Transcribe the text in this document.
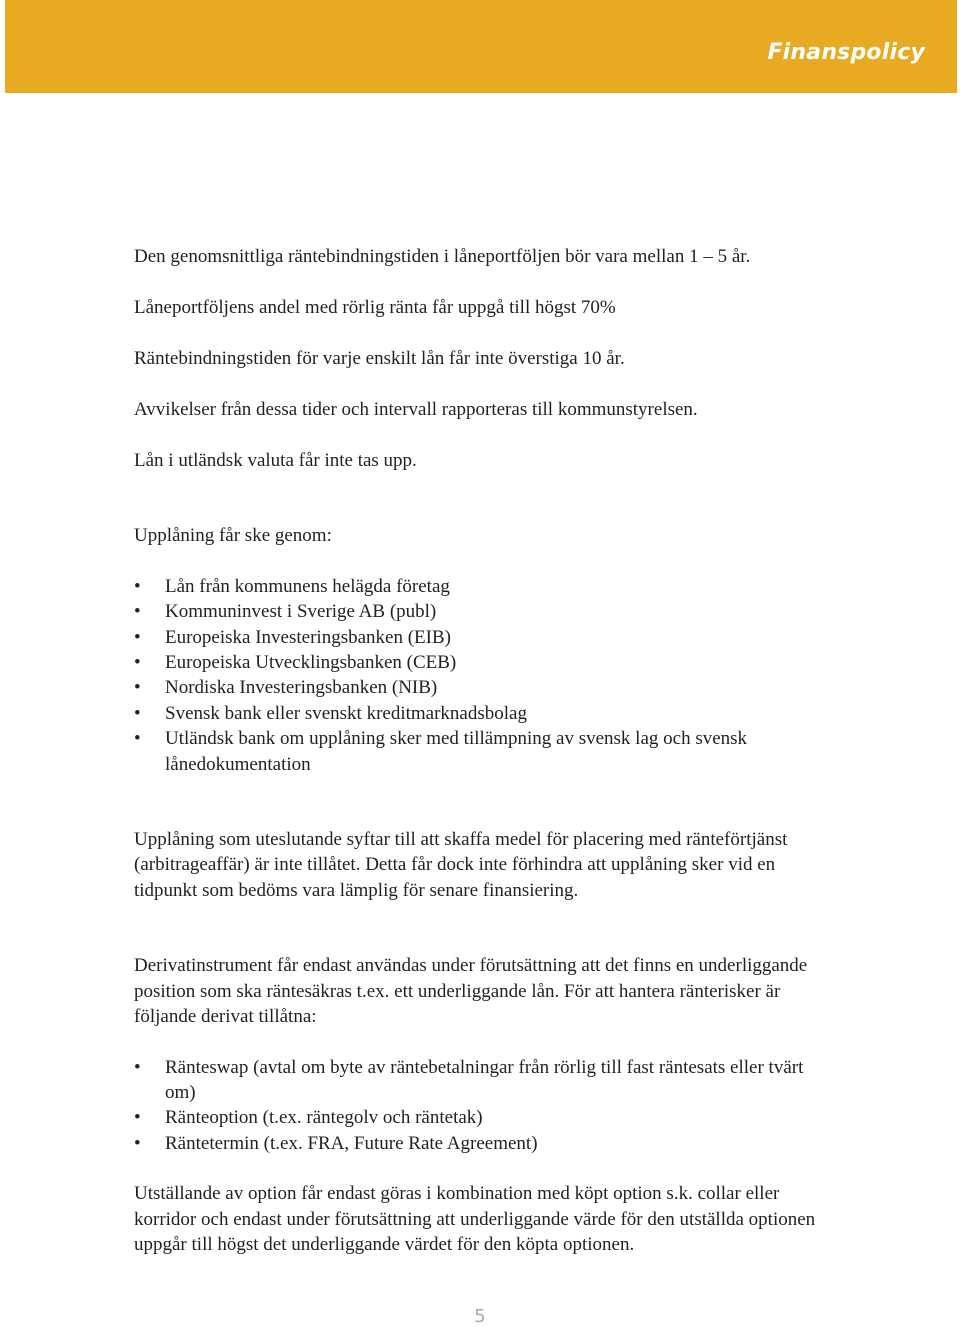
Finanspolicy

Den genomsnittliga räntebindningstiden i låneportföljen bör vara mellan 1 – 5 år.

Låneportföljens andel med rörlig ränta får uppgå till högst 70%

Räntebindningstiden för varje enskilt lån får inte överstiga 10 år.

Avvikelser från dessa tider och intervall rapporteras till kommunstyrelsen.

Lån i utländsk valuta får inte tas upp.

Upplåning får ske genom:

• Lån från kommunens helägda företag
• Kommuninvest i Sverige AB (publ)
• Europeiska Investeringsbanken (EIB)
• Europeiska Utvecklingsbanken (CEB)
• Nordiska Investeringsbanken (NIB)
• Svensk bank eller svenskt kreditmarknadsbolag
• Utländsk bank om upplåning sker med tillämpning av svensk lag och svensk lånedokumentation

Upplåning som uteslutande syftar till att skaffa medel för placering med ränteförtjänst (arbitrageaffär) är inte tillåtet. Detta får dock inte förhindra att upplåning sker vid en tidpunkt som bedöms vara lämplig för senare finansiering.

Derivatinstrument får endast användas under förutsättning att det finns en underliggande position som ska räntesäkras t.ex. ett underliggande lån. För att hantera ränterisker är följande derivat tillåtna:

• Ränteswap (avtal om byte av räntebetalningar från rörlig till fast räntesats eller tvärt om)
• Ränteoption (t.ex. räntegolv och räntetak)
• Räntetermin (t.ex. FRA, Future Rate Agreement)

Utställande av option får endast göras i kombination med köpt option s.k. collar eller korridor och endast under förutsättning att underliggande värde för den utställda optionen uppgår till högst det underliggande värdet för den köpta optionen.

5
